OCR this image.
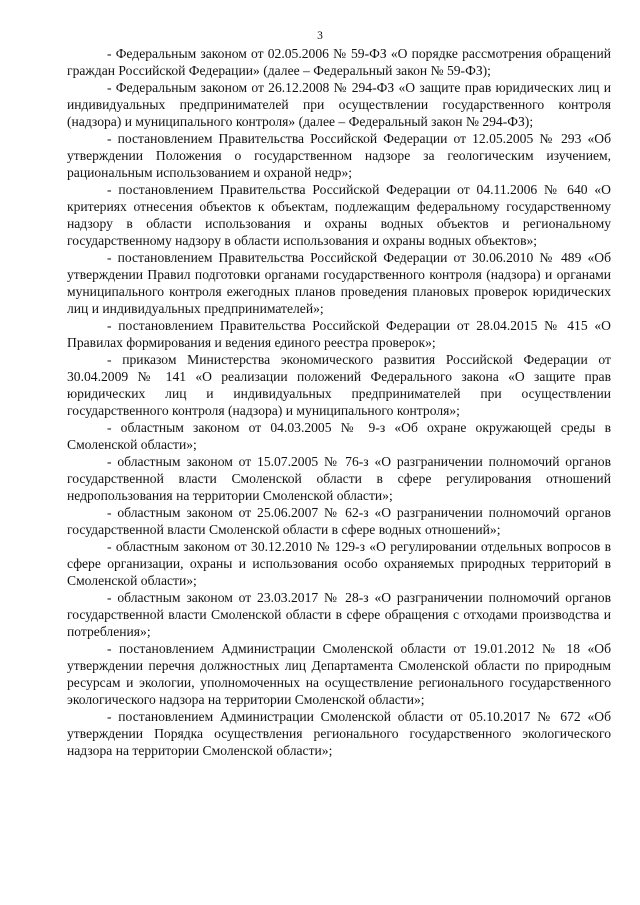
3

- Федеральным законом от 02.05.2006 № 59-ФЗ «О порядке рассмотрения обращений граждан Российской Федерации» (далее – Федеральный закон № 59-ФЗ);

- Федеральным законом от 26.12.2008 № 294-ФЗ «О защите прав юридических лиц и индивидуальных предпринимателей при осуществлении государственного контроля (надзора) и муниципального контроля» (далее – Федеральный закон № 294-ФЗ);

- постановлением Правительства Российской Федерации от 12.05.2005 № 293 «Об утверждении Положения о государственном надзоре за геологическим изучением, рациональным использованием и охраной недр»;

- постановлением Правительства Российской Федерации от 04.11.2006 № 640 «О критериях отнесения объектов к объектам, подлежащим федеральному государственному надзору в области использования и охраны водных объектов и региональному государственному надзору в области использования и охраны водных объектов»;

- постановлением Правительства Российской Федерации от 30.06.2010 № 489 «Об утверждении Правил подготовки органами государственного контроля (надзора) и органами муниципального контроля ежегодных планов проведения плановых проверок юридических лиц и индивидуальных предпринимателей»;

- постановлением Правительства Российской Федерации от 28.04.2015 № 415 «О Правилах формирования и ведения единого реестра проверок»;

- приказом Министерства экономического развития Российской Федерации от 30.04.2009 № 141 «О реализации положений Федерального закона «О защите прав юридических лиц и индивидуальных предпринимателей при осуществлении государственного контроля (надзора) и муниципального контроля»;

- областным законом от 04.03.2005 № 9-з «Об охране окружающей среды в Смоленской области»;

- областным законом от 15.07.2005 № 76-з «О разграничении полномочий органов государственной власти Смоленской области в сфере регулирования отношений недропользования на территории Смоленской области»;

- областным законом от 25.06.2007 № 62-з «О разграничении полномочий органов государственной власти Смоленской области в сфере водных отношений»;

- областным законом от 30.12.2010 № 129-з «О регулировании отдельных вопросов в сфере организации, охраны и использования особо охраняемых природных территорий в Смоленской области»;

- областным законом от 23.03.2017 № 28-з «О разграничении полномочий органов государственной власти Смоленской области в сфере обращения с отходами производства и потребления»;

- постановлением Администрации Смоленской области от 19.01.2012 № 18 «Об утверждении перечня должностных лиц Департамента Смоленской области по природным ресурсам и экологии, уполномоченных на осуществление регионального государственного экологического надзора на территории Смоленской области»;

- постановлением Администрации Смоленской области от 05.10.2017 № 672 «Об утверждении Порядка осуществления регионального государственного экологического надзора на территории Смоленской области»;
